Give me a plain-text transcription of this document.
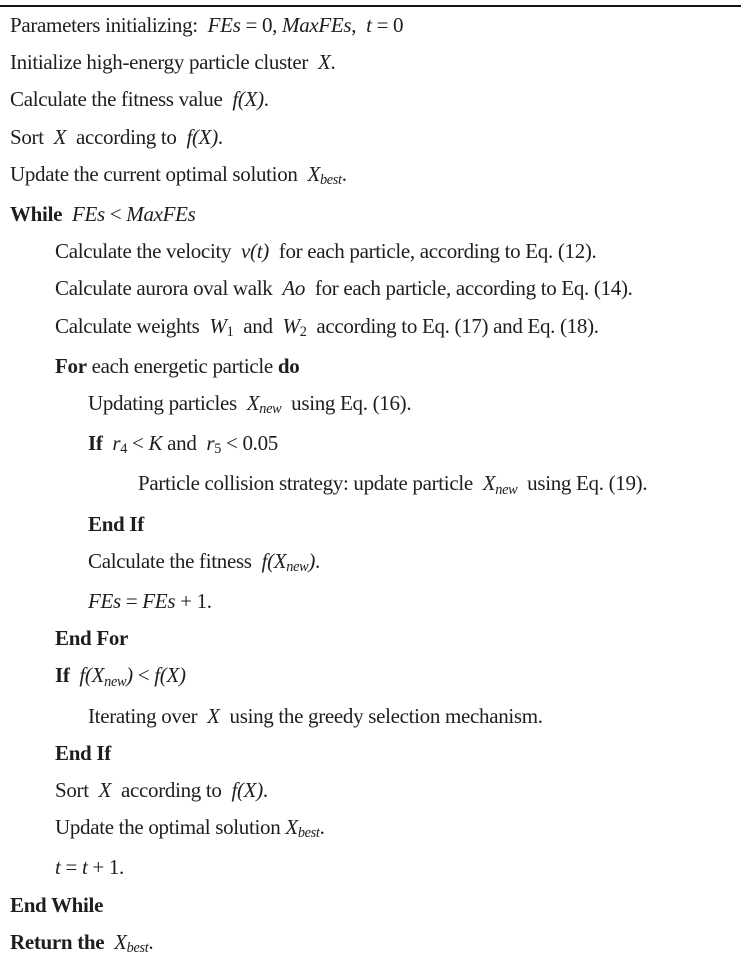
Parameters initializing:  FEs = 0, MaxFEs,  t = 0
Initialize high-energy particle cluster  X.
Calculate the fitness value  f(X).
Sort  X  according to  f(X).
Update the current optimal solution  Xbest.
While  FEs < MaxFEs
Calculate the velocity  v(t)  for each particle, according to Eq. (12).
Calculate aurora oval walk  Ao  for each particle, according to Eq. (14).
Calculate weights  W1  and  W2  according to Eq. (17) and Eq. (18).
For each energetic particle do
Updating particles  Xnew  using Eq. (16).
If  r4 < K and  r5 < 0.05
Particle collision strategy: update particle  Xnew  using Eq. (19).
End If
Calculate the fitness  f(Xnew).
FEs = FEs + 1.
End For
If  f(Xnew) < f(X)
Iterating over  X  using the greedy selection mechanism.
End If
Sort  X  according to  f(X).
Update the optimal solution Xbest.
t = t + 1.
End While
Return the  Xbest.
